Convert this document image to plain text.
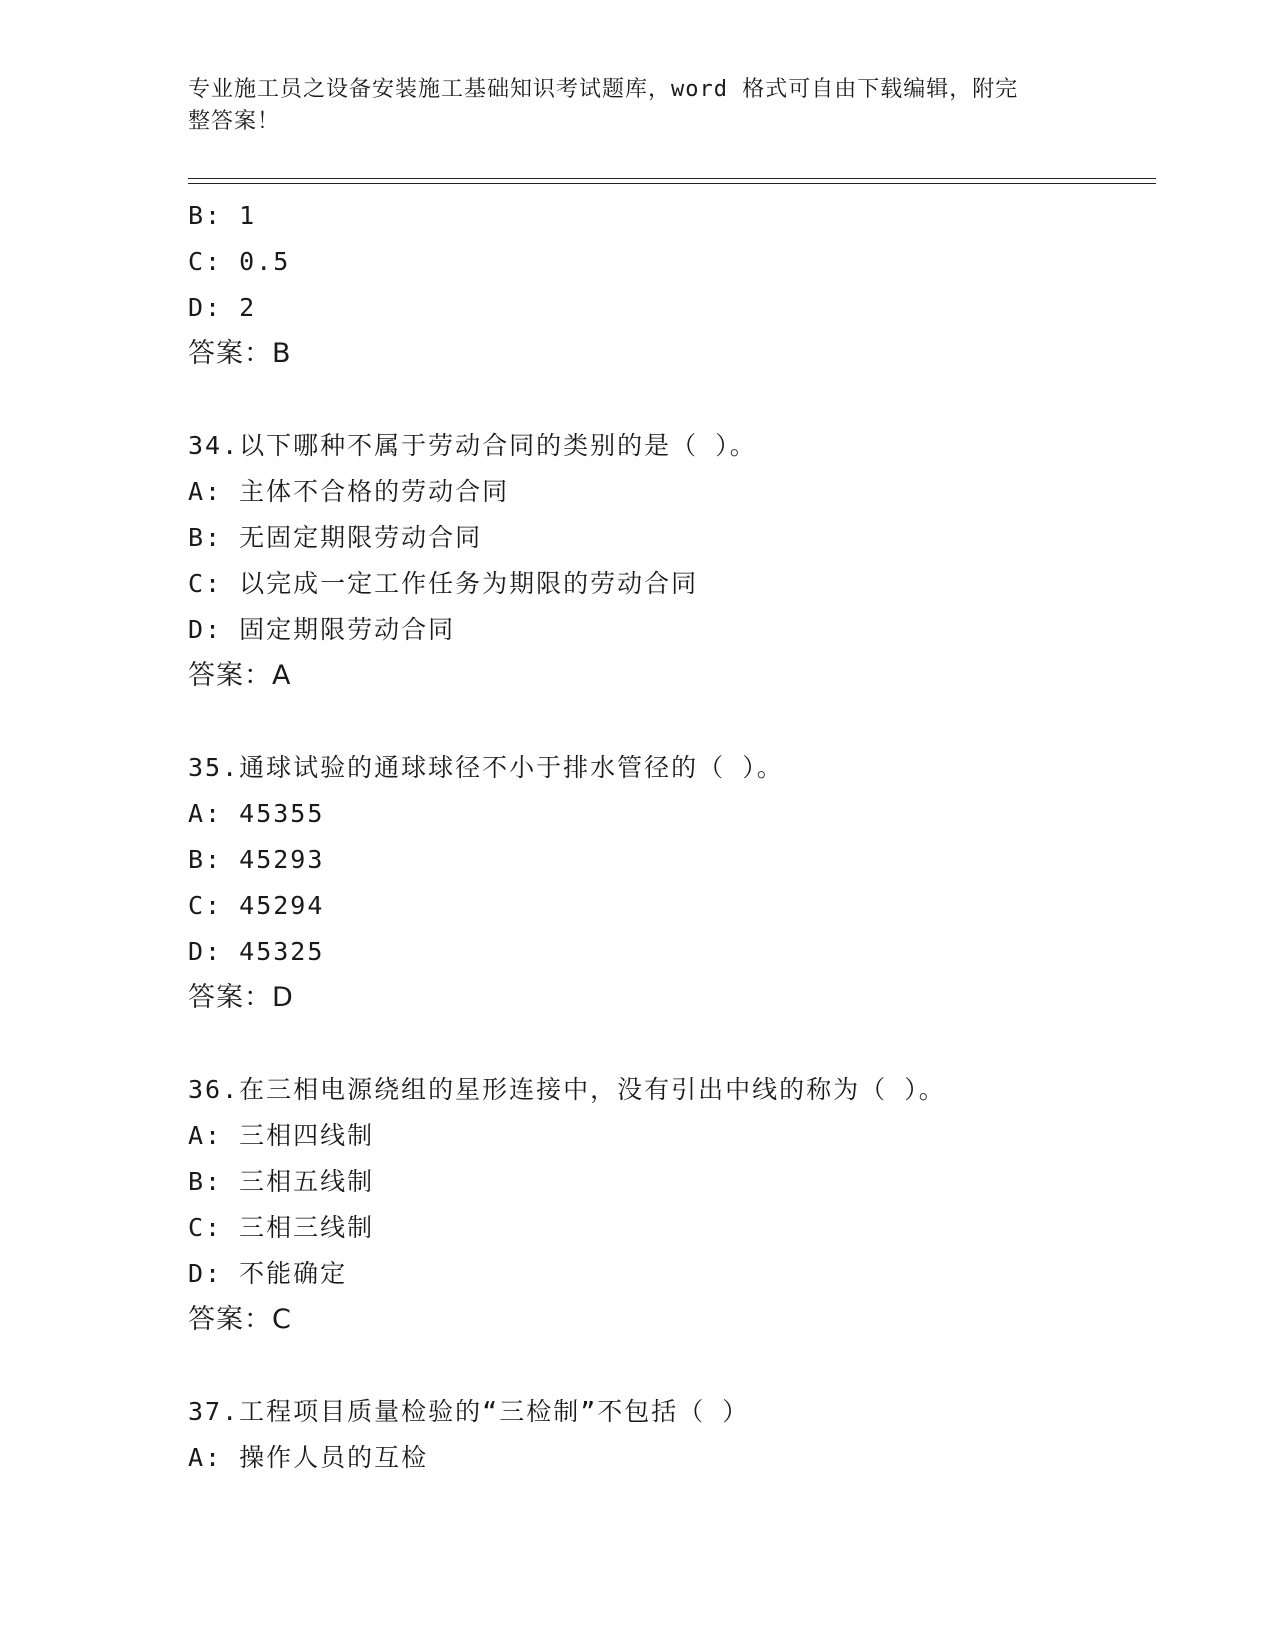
专业施工员之设备安装施工基础知识考试题库，word 格式可自由下载编辑，附完
整答案！
B: 1
C: 0.5
D: 2
答案：B
34.以下哪种不属于劳动合同的类别的是（ ）。
A: 主体不合格的劳动合同
B: 无固定期限劳动合同
C: 以完成一定工作任务为期限的劳动合同
D: 固定期限劳动合同
答案：A
35.通球试验的通球球径不小于排水管径的（ ）。
A: 45355
B: 45293
C: 45294
D: 45325
答案：D
36.在三相电源绕组的星形连接中，没有引出中线的称为（ ）。
A: 三相四线制
B: 三相五线制
C: 三相三线制
D: 不能确定
答案：C
37.工程项目质量检验的“三检制”不包括（ ）
A: 操作人员的互检
